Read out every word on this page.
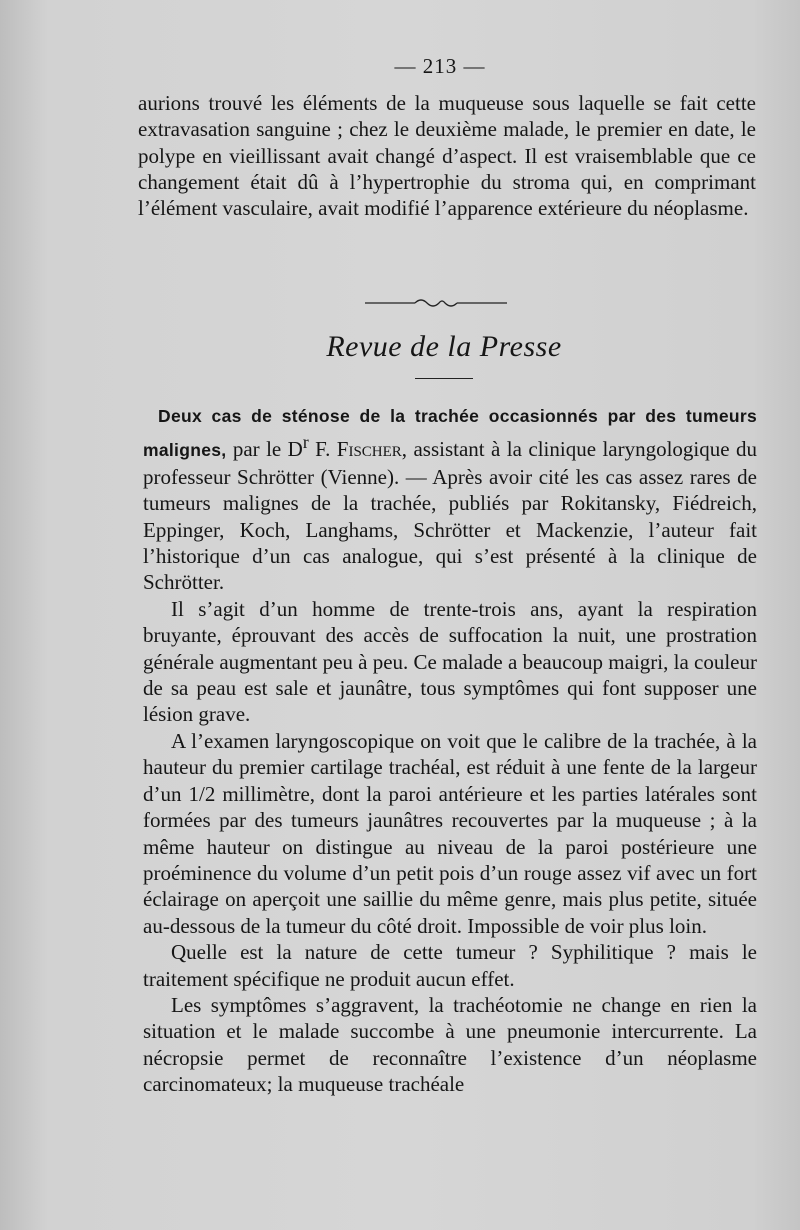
— 213 —

aurions trouvé les éléments de la muqueuse sous laquelle se fait cette extravasation sanguine ; chez le deuxième malade, le premier en date, le polype en vieillissant avait changé d’aspect. Il est vraisemblable que ce changement était dû à l’hypertrophie du stroma qui, en comprimant l’élément vasculaire, avait modifié l’apparence extérieure du néoplasme.

Revue de la Presse

Deux cas de sténose de la trachée occasionnés par des tumeurs malignes, par le $D^r$ F. Fischer, assistant à la clinique laryngologique du professeur Schrötter (Vienne). — Après avoir cité les cas assez rares de tumeurs malignes de la trachée, publiés par Rokitansky, Fiédreich, Eppinger, Koch, Langhams, Schrötter et Mackenzie, l’auteur fait l’historique d’un cas analogue, qui s’est présenté à la clinique de Schrötter.

Il s’agit d’un homme de trente-trois ans, ayant la respiration bruyante, éprouvant des accès de suffocation la nuit, une prostration générale augmentant peu à peu. Ce malade a beaucoup maigri, la couleur de sa peau est sale et jaunâtre, tous symptômes qui font supposer une lésion grave.

A l’examen laryngoscopique on voit que le calibre de la trachée, à la hauteur du premier cartilage trachéal, est réduit à une fente de la largeur d’un 1/2 millimètre, dont la paroi antérieure et les parties latérales sont formées par des tumeurs jaunâtres recouvertes par la muqueuse ; à la même hauteur on distingue au niveau de la paroi postérieure une proéminence du volume d’un petit pois d’un rouge assez vif avec un fort éclairage on aperçoit une saillie du même genre, mais plus petite, située au-dessous de la tumeur du côté droit. Impossible de voir plus loin.

Quelle est la nature de cette tumeur ? Syphilitique ? mais le traitement spécifique ne produit aucun effet.

Les symptômes s’aggravent, la trachéotomie ne change en rien la situation et le malade succombe à une pneumonie intercurrente. La nécropsie permet de reconnaître l’existence d’un néoplasme carcinomateux; la muqueuse trachéale
